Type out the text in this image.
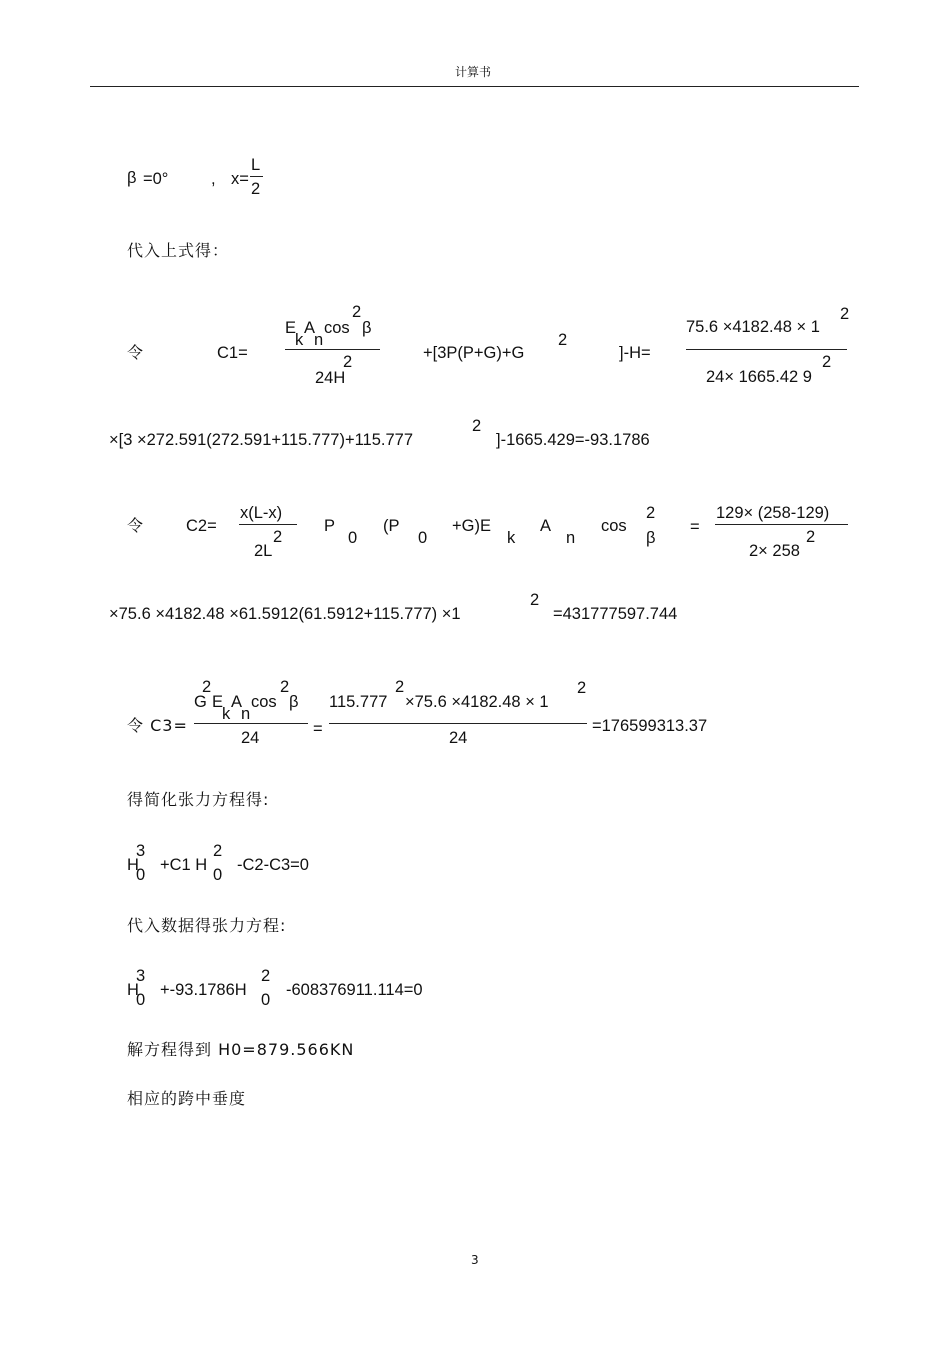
计算书
β =0°	, x=
L
2
代入上式得：
令	C1=
E
k
A
n
cos
2
β
24H
2	+[3P(P+G)+G
2
]-H=
75.6 ×4182.48 × 1
2
24× 1665.42 9
2
×[3 ×272.591(272.591+115.777)+115.777
2
]-1665.429=-93.1786
令	C2=
x(L-x)
2L
2
P
0
(P
0
+G)E
k
A
n
cos
2
β
=
129× (258-129)
2× 258
2
×75.6 ×4182.48 ×61.5912(61.5912+115.777) ×1
2
=431777597.744
令 C3=
G
2
E
k
A
n
cos
2
β
24	=
115.777
2
×75.6 ×4182.48 × 1
2
24
=176599313.37
得简化张力方程得:
H
3
0
+C1 H
2
0
-C2-C3=0
代入数据得张力方程:
H
3
0
+-93.1786H
2
0
-608376911.114=0
解方程得到 H0=879.566KN
相应的跨中垂度
3
